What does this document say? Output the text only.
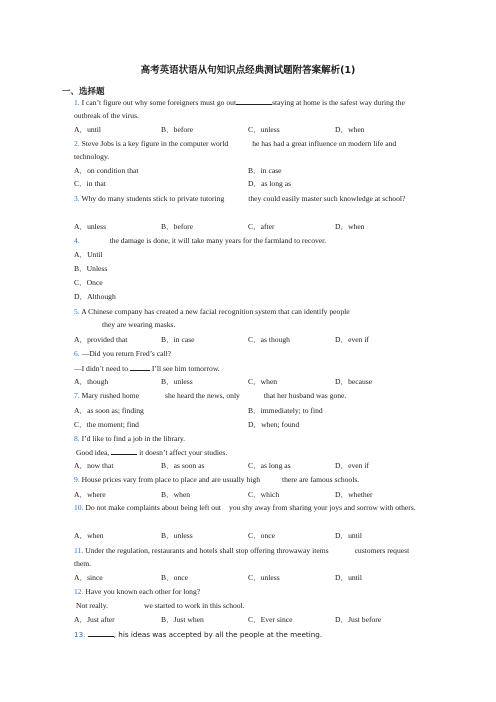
高考英语状语从句知识点经典测试题附答案解析(1)
一、选择题
1. I can’t figure out why some foreigners must go out	staying at home is the safest way during the outbreak of the virus.
A．until	B．before	C．unless	D．when
2. Steve Jobs is a key figure in the computer world	he has had a great influence on modern life and technology.
A．on condition that	B．in case
C．in that	D．as long as
3. Why do many students stick to private tutoring	they could easily master such knowledge at school?
A．unless	B．before	C．after	D．when
4.	the damage is done, it will take many years for the farmland to recover.
A．Until
B．Unless
C．Once
D．Although
5. A Chinese company has created a new facial recognition system that can identify people
they are wearing masks.
A．provided that	B．in case	C．as though	D．even if
6. —Did you return Fred’s call?
—I didn’t need to	I’ll see him tomorrow.
A．though	B．unless	C．when	D．because
7. Mary rushed home	she heard the news, only	that her husband was gone.
A．as soon as; finding	B．immediately; to find
C．the moment; find	D．when; found
8. I’d like to find a job in the library.
Good idea,	it doesn’t affect your studies.
A．now that	B．as soon as	C．as long as	D．even if
9. House prices vary from place to place and are usually high	there are famous schools.
A．where	B．when	C．which	D．whether
10. Do not make complaints about being left out you shy away from sharing your joys and sorrow with others.
A．when	B．unless	C．once	D．until
11. Under the regulation, restaurants and hotels shall stop offering throwaway items	customers request them.
A．since	B．once	C．unless	D．until
12. Have you known each other for long?
Not really.	we started to work in this school.
A．Just after	B．Just when	C．Ever since	D．Just before
13.	, his ideas was accepted by all the people at the meeting.
